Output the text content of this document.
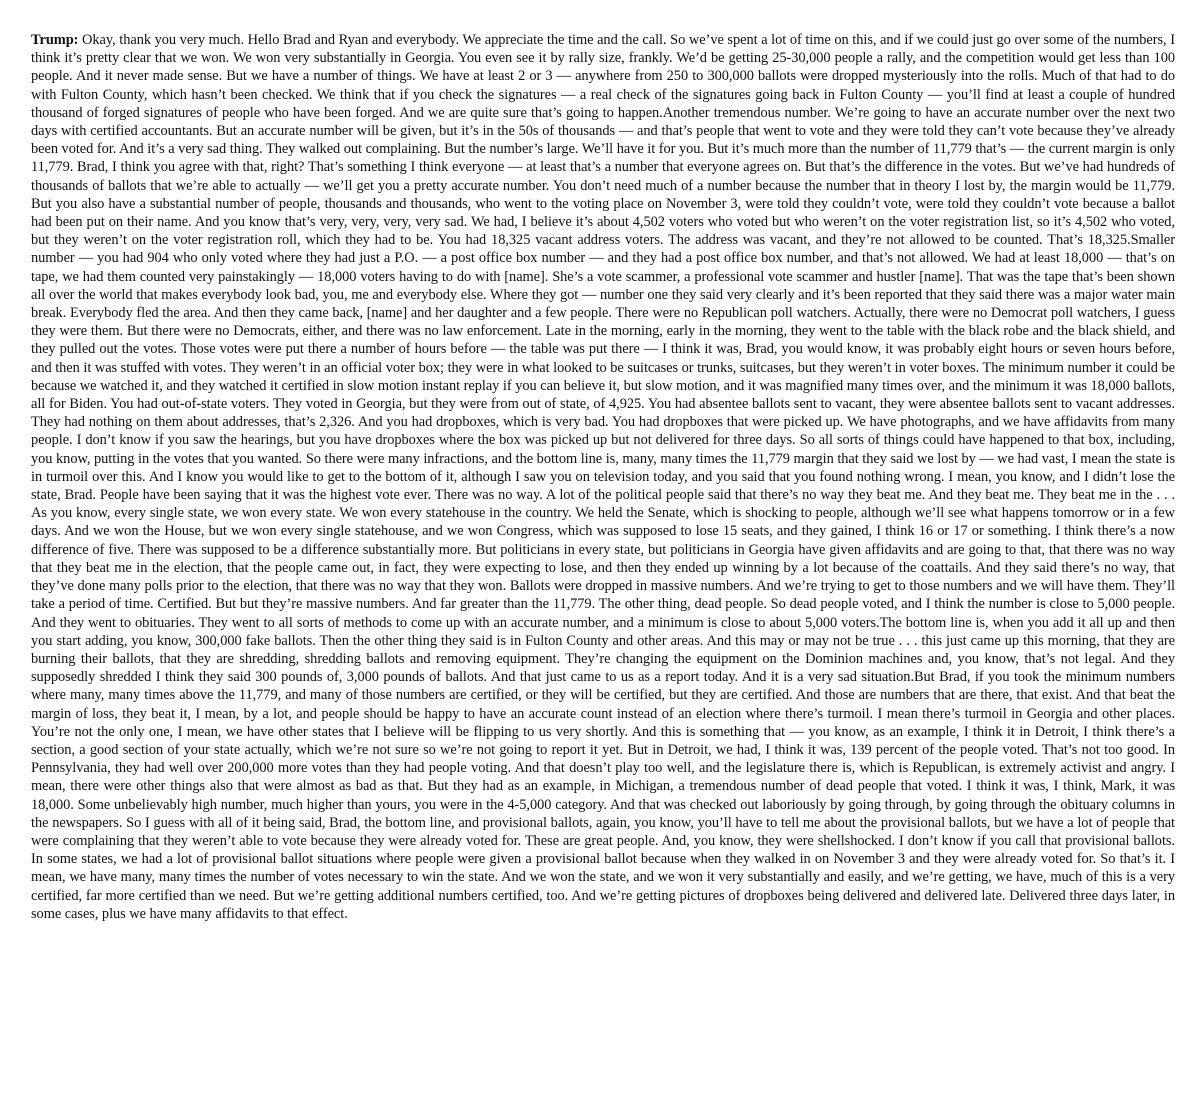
Trump: Okay, thank you very much. Hello Brad and Ryan and everybody. We appreciate the time and the call. So we’ve spent a lot of time on this, and if we could just go over some of the numbers, I think it’s pretty clear that we won. We won very substantially in Georgia. You even see it by rally size, frankly. We’d be getting 25-30,000 people a rally, and the competition would get less than 100 people. And it never made sense. But we have a number of things. We have at least 2 or 3 — anywhere from 250 to 300,000 ballots were dropped mysteriously into the rolls. Much of that had to do with Fulton County, which hasn’t been checked. We think that if you check the signatures — a real check of the signatures going back in Fulton County — you’ll find at least a couple of hundred thousand of forged signatures of people who have been forged. And we are quite sure that’s going to happen.Another tremendous number. We’re going to have an accurate number over the next two days with certified accountants. But an accurate number will be given, but it’s in the 50s of thousands — and that’s people that went to vote and they were told they can’t vote because they’ve already been voted for. And it’s a very sad thing. They walked out complaining. But the number’s large. We’ll have it for you. But it’s much more than the number of 11,779 that’s — the current margin is only 11,779. Brad, I think you agree with that, right? That’s something I think everyone — at least that’s a number that everyone agrees on. But that’s the difference in the votes. But we’ve had hundreds of thousands of ballots that we’re able to actually — we’ll get you a pretty accurate number. You don’t need much of a number because the number that in theory I lost by, the margin would be 11,779. But you also have a substantial number of people, thousands and thousands, who went to the voting place on November 3, were told they couldn’t vote, were told they couldn’t vote because a ballot had been put on their name. And you know that’s very, very, very, very sad. We had, I believe it’s about 4,502 voters who voted but who weren’t on the voter registration list, so it’s 4,502 who voted, but they weren’t on the voter registration roll, which they had to be. You had 18,325 vacant address voters. The address was vacant, and they’re not allowed to be counted. That’s 18,325.Smaller number — you had 904 who only voted where they had just a P.O. — a post office box number — and they had a post office box number, and that’s not allowed. We had at least 18,000 — that’s on tape, we had them counted very painstakingly — 18,000 voters having to do with [name]. She’s a vote scammer, a professional vote scammer and hustler [name]. That was the tape that’s been shown all over the world that makes everybody look bad, you, me and everybody else. Where they got — number one they said very clearly and it’s been reported that they said there was a major water main break. Everybody fled the area. And then they came back, [name] and her daughter and a few people. There were no Republican poll watchers. Actually, there were no Democrat poll watchers, I guess they were them. But there were no Democrats, either, and there was no law enforcement. Late in the morning, early in the morning, they went to the table with the black robe and the black shield, and they pulled out the votes. Those votes were put there a number of hours before — the table was put there — I think it was, Brad, you would know, it was probably eight hours or seven hours before, and then it was stuffed with votes. They weren’t in an official voter box; they were in what looked to be suitcases or trunks, suitcases, but they weren’t in voter boxes. The minimum number it could be because we watched it, and they watched it certified in slow motion instant replay if you can believe it, but slow motion, and it was magnified many times over, and the minimum it was 18,000 ballots, all for Biden. You had out-of-state voters. They voted in Georgia, but they were from out of state, of 4,925. You had absentee ballots sent to vacant, they were absentee ballots sent to vacant addresses. They had nothing on them about addresses, that’s 2,326. And you had dropboxes, which is very bad. You had dropboxes that were picked up. We have photographs, and we have affidavits from many people. I don’t know if you saw the hearings, but you have dropboxes where the box was picked up but not delivered for three days. So all sorts of things could have happened to that box, including, you know, putting in the votes that you wanted. So there were many infractions, and the bottom line is, many, many times the 11,779 margin that they said we lost by — we had vast, I mean the state is in turmoil over this. And I know you would like to get to the bottom of it, although I saw you on television today, and you said that you found nothing wrong. I mean, you know, and I didn’t lose the state, Brad. People have been saying that it was the highest vote ever. There was no way. A lot of the political people said that there’s no way they beat me. And they beat me. They beat me in the . . . As you know, every single state, we won every state. We won every statehouse in the country. We held the Senate, which is shocking to people, although we’ll see what happens tomorrow or in a few days. And we won the House, but we won every single statehouse, and we won Congress, which was supposed to lose 15 seats, and they gained, I think 16 or 17 or something. I think there’s a now difference of five. There was supposed to be a difference substantially more. But politicians in every state, but politicians in Georgia have given affidavits and are going to that, that there was no way that they beat me in the election, that the people came out, in fact, they were expecting to lose, and then they ended up winning by a lot because of the coattails. And they said there’s no way, that they’ve done many polls prior to the election, that there was no way that they won. Ballots were dropped in massive numbers. And we’re trying to get to those numbers and we will have them. They’ll take a period of time. Certified. But but they’re massive numbers. And far greater than the 11,779. The other thing, dead people. So dead people voted, and I think the number is close to 5,000 people. And they went to obituaries. They went to all sorts of methods to come up with an accurate number, and a minimum is close to about 5,000 voters.The bottom line is, when you add it all up and then you start adding, you know, 300,000 fake ballots. Then the other thing they said is in Fulton County and other areas. And this may or may not be true . . . this just came up this morning, that they are burning their ballots, that they are shredding, shredding ballots and removing equipment. They’re changing the equipment on the Dominion machines and, you know, that’s not legal. And they supposedly shredded I think they said 300 pounds of, 3,000 pounds of ballots. And that just came to us as a report today. And it is a very sad situation.But Brad, if you took the minimum numbers where many, many times above the 11,779, and many of those numbers are certified, or they will be certified, but they are certified. And those are numbers that are there, that exist. And that beat the margin of loss, they beat it, I mean, by a lot, and people should be happy to have an accurate count instead of an election where there’s turmoil. I mean there’s turmoil in Georgia and other places. You’re not the only one, I mean, we have other states that I believe will be flipping to us very shortly. And this is something that — you know, as an example, I think it in Detroit, I think there’s a section, a good section of your state actually, which we’re not sure so we’re not going to report it yet. But in Detroit, we had, I think it was, 139 percent of the people voted. That’s not too good. In Pennsylvania, they had well over 200,000 more votes than they had people voting. And that doesn’t play too well, and the legislature there is, which is Republican, is extremely activist and angry. I mean, there were other things also that were almost as bad as that. But they had as an example, in Michigan, a tremendous number of dead people that voted. I think it was, I think, Mark, it was 18,000. Some unbelievably high number, much higher than yours, you were in the 4-5,000 category. And that was checked out laboriously by going through, by going through the obituary columns in the newspapers. So I guess with all of it being said, Brad, the bottom line, and provisional ballots, again, you know, you’ll have to tell me about the provisional ballots, but we have a lot of people that were complaining that they weren’t able to vote because they were already voted for. These are great people. And, you know, they were shellshocked. I don’t know if you call that provisional ballots. In some states, we had a lot of provisional ballot situations where people were given a provisional ballot because when they walked in on November 3 and they were already voted for. So that’s it. I mean, we have many, many times the number of votes necessary to win the state. And we won the state, and we won it very substantially and easily, and we’re getting, we have, much of this is a very certified, far more certified than we need. But we’re getting additional numbers certified, too. And we’re getting pictures of dropboxes being delivered and delivered late. Delivered three days later, in some cases, plus we have many affidavits to that effect.
